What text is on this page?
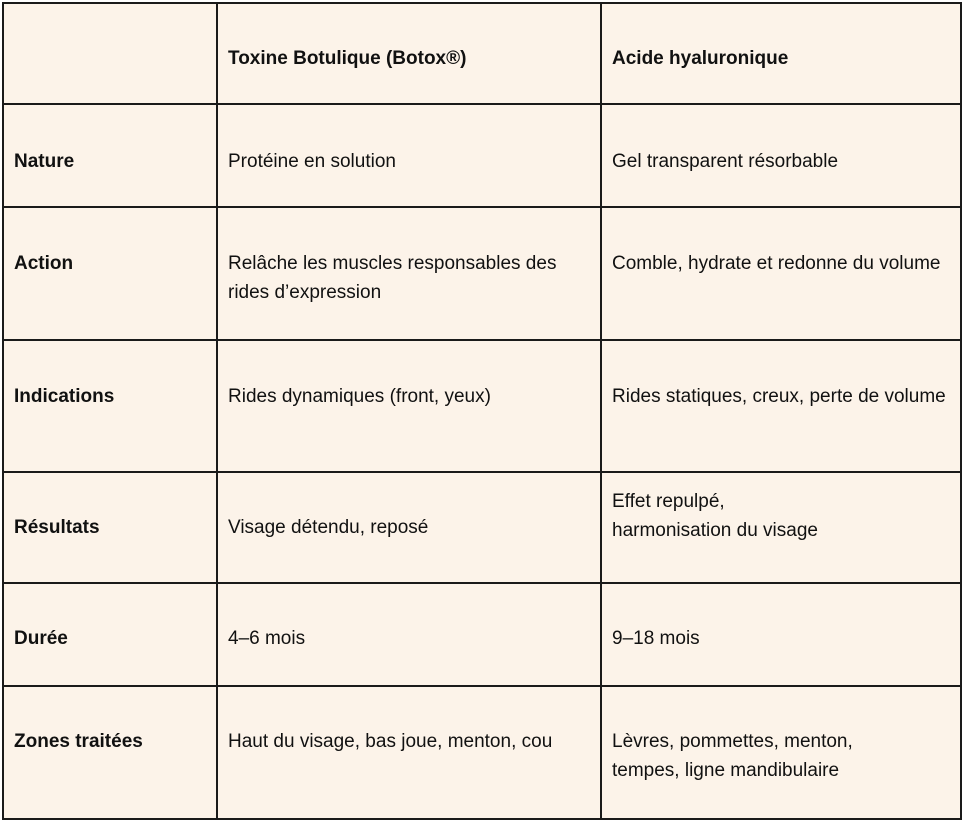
	Toxine Botulique (Botox®)	Acide hyaluronique
Nature	Protéine en solution	Gel transparent résorbable
Action	Relâche les muscles responsables des rides d’expression	Comble, hydrate et redonne du volume
Indications	Rides dynamiques (front, yeux)	Rides statiques, creux, perte de volume
Résultats	Visage détendu, reposé	Effet repulpé,
harmonisation du visage

Durée	4–6 mois	9–18 mois
Zones traitées	Haut du visage, bas joue, menton, cou	Lèvres, pommettes, menton,
tempes, ligne mandibulaire
